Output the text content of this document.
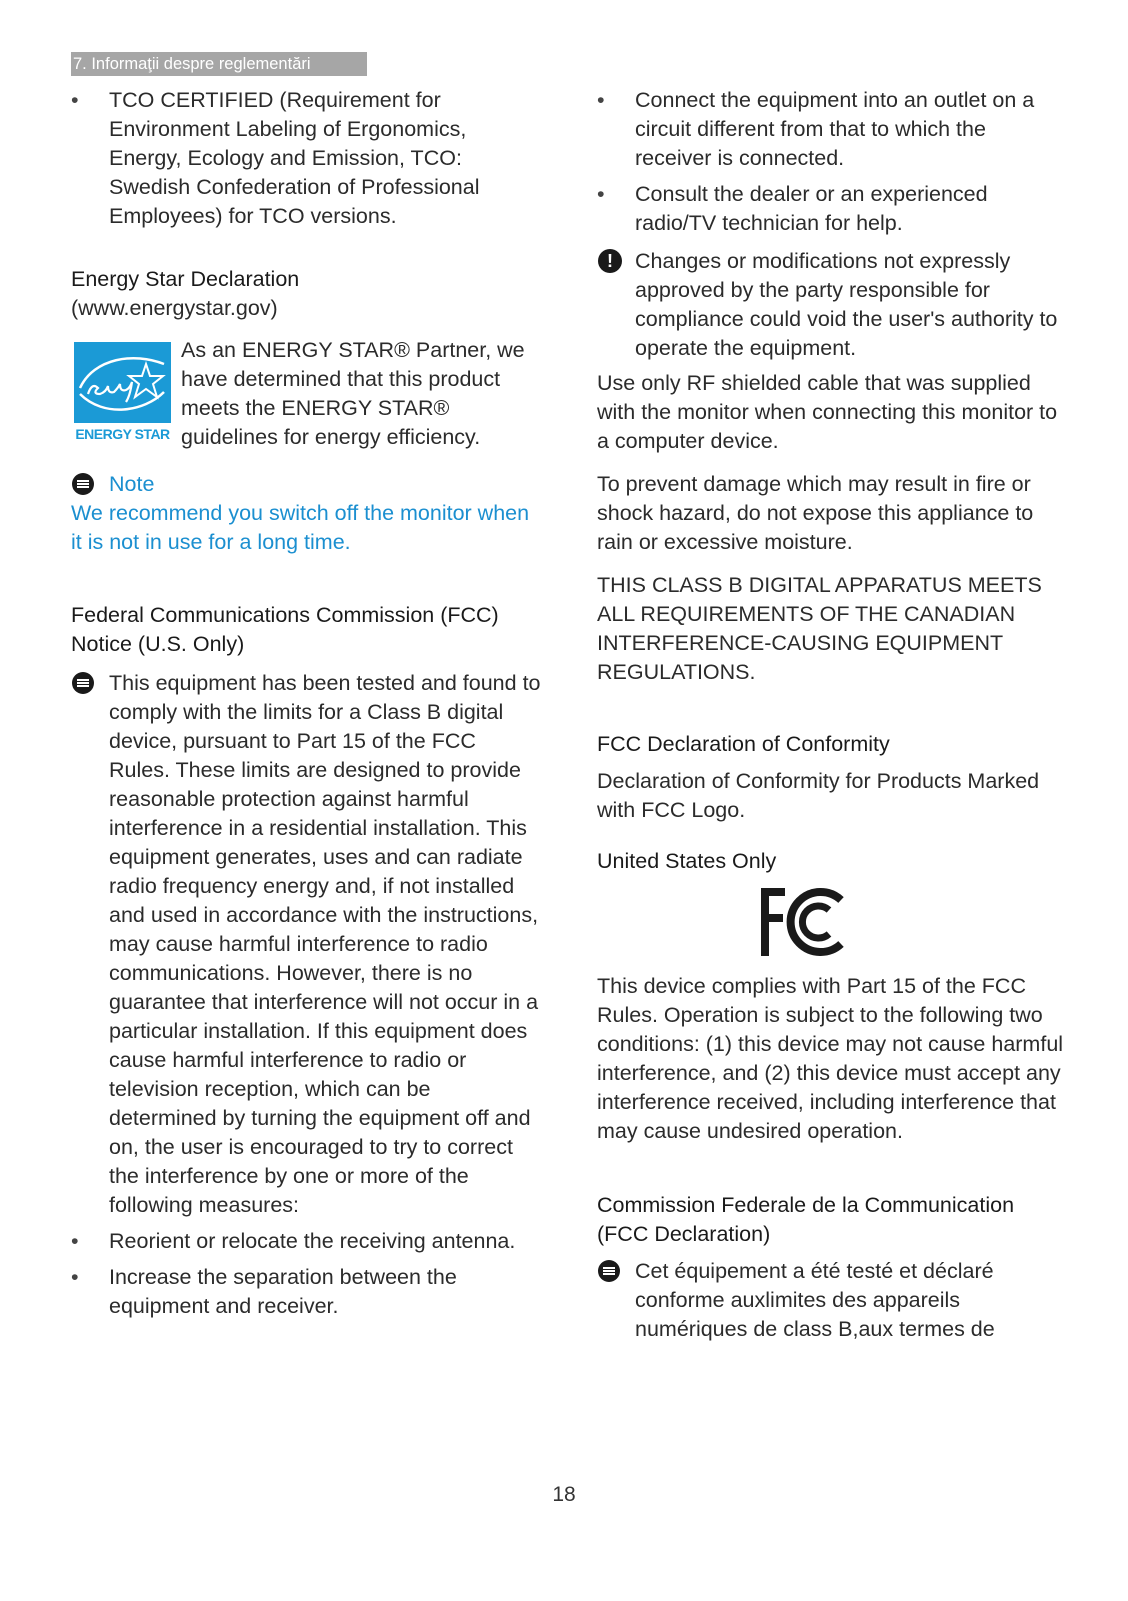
7. Informaţii despre reglementări
•	TCO CERTIFIED (Requirement for Environment Labeling of Ergonomics, Energy, Ecology and Emission, TCO: Swedish Confederation of Professional Employees) for TCO versions.
Energy Star Declaration
(www.energystar.gov)
ENERGY STAR
As an ENERGY STAR® Partner, we have determined that this product meets the ENERGY STAR® guidelines for energy efficiency.
Note
We recommend you switch off the monitor when it is not in use for a long time.
Federal Communications Commission (FCC) Notice (U.S. Only)
This equipment has been tested and found to comply with the limits for a Class B digital device, pursuant to Part 15 of the FCC Rules. These limits are designed to provide reasonable protection against harmful interference in a residential installation. This equipment generates, uses and can radiate radio frequency energy and, if not installed and used in accordance with the instructions, may cause harmful interference to radio communications. However, there is no guarantee that interference will not occur in a particular installation. If this equipment does cause harmful interference to radio or television reception, which can be determined by turning the equipment off and on, the user is encouraged to try to correct the interference by one or more of the following measures:
•	Reorient or relocate the receiving antenna.
•	Increase the separation between the equipment and receiver.
•	Connect the equipment into an outlet on a circuit different from that to which the receiver is connected.
•	Consult the dealer or an experienced radio/TV technician for help.
!	Changes or modifications not expressly approved by the party responsible for compliance could void the user's authority to operate the equipment.

Use only RF shielded cable that was supplied with the monitor when connecting this monitor to a computer device.

To prevent damage which may result in fire or shock hazard, do not expose this appliance to rain or excessive moisture.

THIS CLASS B DIGITAL APPARATUS MEETS ALL REQUIREMENTS OF THE CANADIAN INTERFERENCE-CAUSING EQUIPMENT REGULATIONS.

FCC Declaration of Conformity

Declaration of Conformity for Products Marked with FCC Logo.

United States Only

This device complies with Part 15 of the FCC Rules. Operation is subject to the following two conditions: (1) this device may not cause harmful interference, and (2) this device must accept any interference received, including interference that may cause undesired operation.

Commission Federale de la Communication (FCC Declaration)
Cet équipement a été testé et déclaré conforme auxlimites des appareils numériques de class B,aux termes de
18
